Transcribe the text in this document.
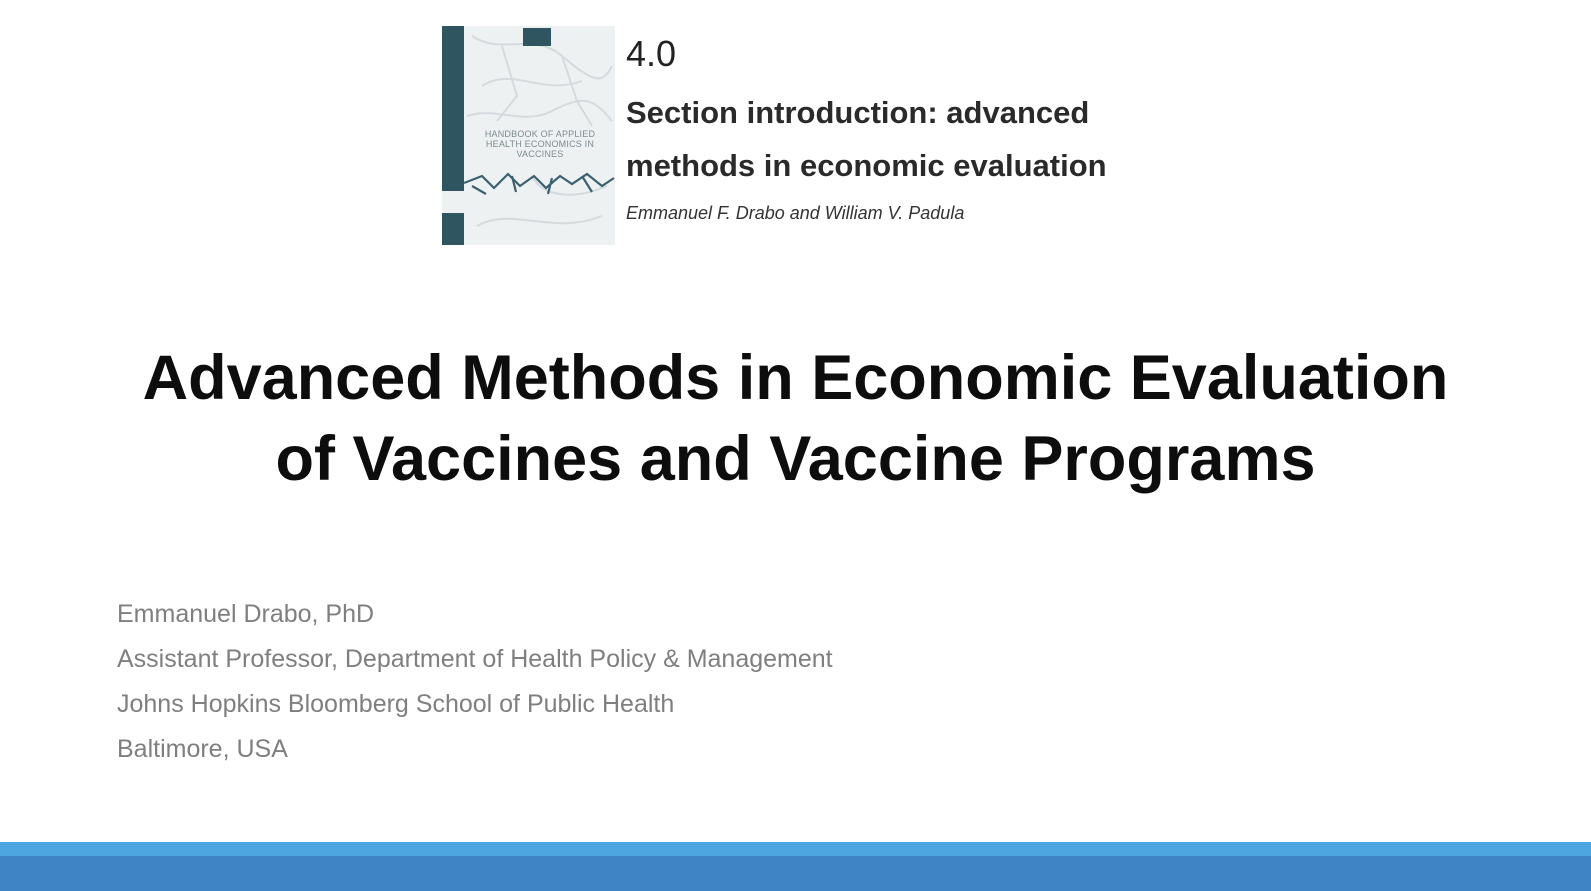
HANDBOOK OF APPLIED HEALTH ECONOMICS IN VACCINES
4.0
Section introduction: advanced
methods in economic evaluation
Emmanuel F. Drabo and William V. Padula
Advanced Methods in Economic Evaluation
of Vaccines and Vaccine Programs
Emmanuel Drabo, PhD
Assistant Professor, Department of Health Policy & Management
Johns Hopkins Bloomberg School of Public Health
Baltimore, USA
